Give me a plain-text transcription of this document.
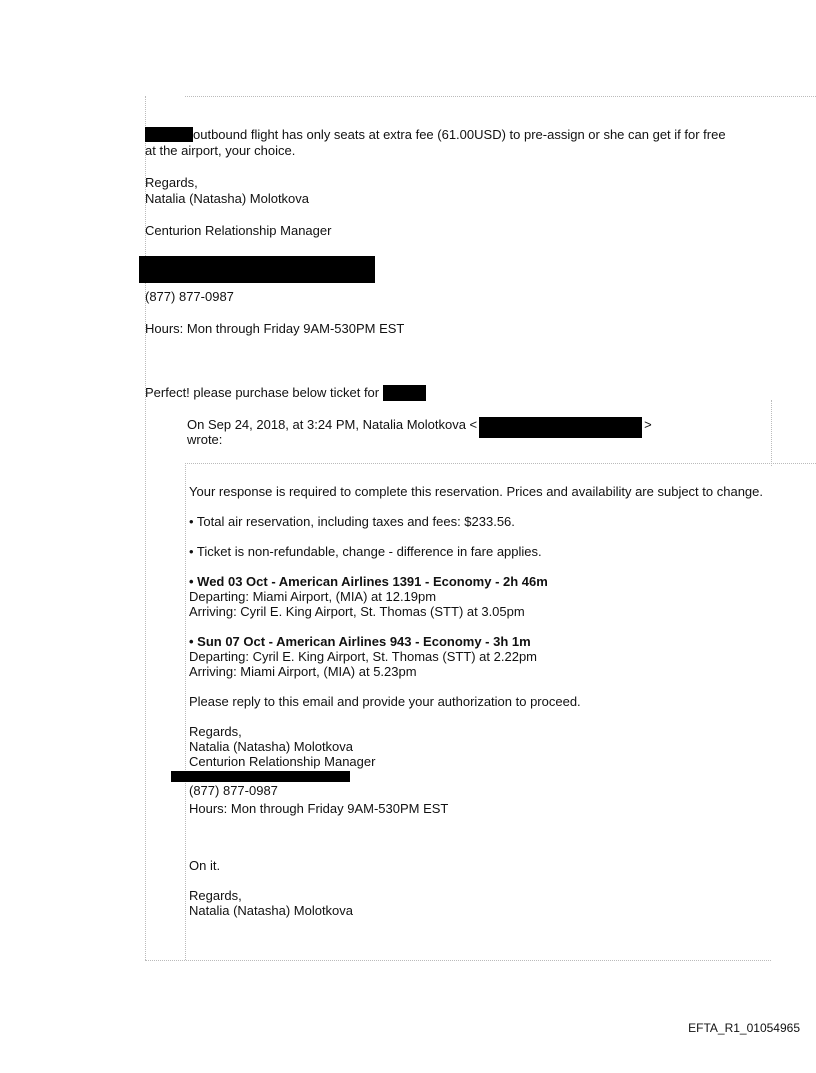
outbound flight has only seats at extra fee (61.00USD) to pre-assign or she can get if for free
at the airport, your choice.
Regards,
Natalia (Natasha) Molotkova
Centurion Relationship Manager
(877) 877-0987
Hours: Mon through Friday 9AM-530PM EST
Perfect! please purchase below ticket for
On Sep 24, 2018, at 3:24 PM, Natalia Molotkova <	>
wrote:
Your response is required to complete this reservation. Prices and availability are subject to change.
• Total air reservation, including taxes and fees: $233.56.
• Ticket is non-refundable, change - difference in fare applies.
• Wed 03 Oct - American Airlines 1391 - Economy - 2h 46m
Departing: Miami Airport, (MIA) at 12.19pm
Arriving: Cyril E. King Airport, St. Thomas (STT) at 3.05pm
• Sun 07 Oct - American Airlines 943 - Economy - 3h 1m
Departing: Cyril E. King Airport, St. Thomas (STT) at 2.22pm
Arriving: Miami Airport, (MIA) at 5.23pm
Please reply to this email and provide your authorization to proceed.
Regards,
Natalia (Natasha) Molotkova
Centurion Relationship Manager
(877) 877-0987
Hours: Mon through Friday 9AM-530PM EST
On it.
Regards,
Natalia (Natasha) Molotkova
EFTA_R1_01054965
